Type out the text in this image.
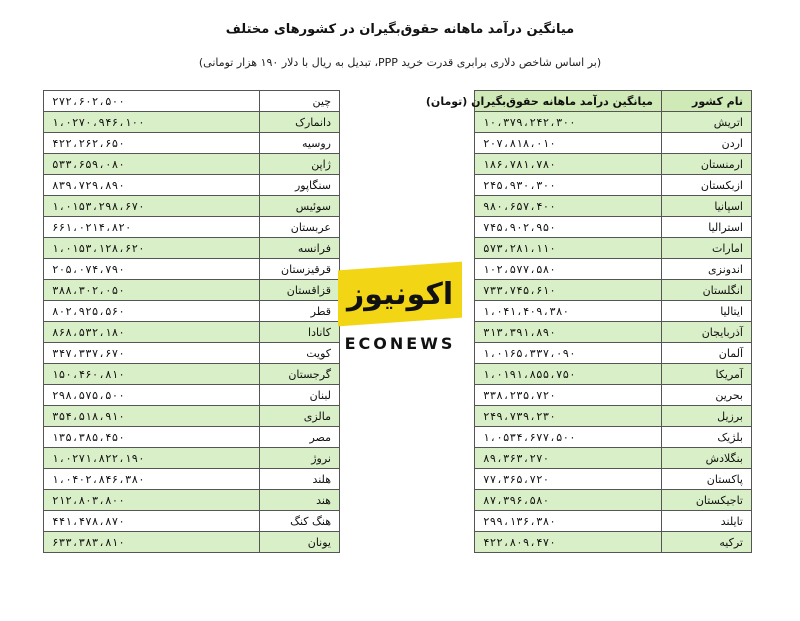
میانگین درآمد ماهانه حقوق‌بگیران در کشورهای مختلف
(بر اساس شاخص دلاری برابری قدرت خرید PPP، تبدیل به ریال با دلار ۱۹۰ هزار تومانی)
۲۷۲،۶۰۲،۵۰۰	چین
۱،۰۲۷۰،۹۴۶،۱۰۰	دانمارک
۴۲۲،۲۶۲،۶۵۰	روسیه
۵۳۳،۶۵۹،۰۸۰	ژاپن
۸۳۹،۷۲۹،۸۹۰	سنگاپور
۱،۰۱۵۳،۲۹۸،۶۷۰	سوئیس
۶۶۱،۰۲۱۴،۸۲۰	عربستان
۱،۰۱۵۳،۱۲۸،۶۲۰	فرانسه
۲۰۵،۰۷۴،۷۹۰	قرقیزستان
۳۸۸،۳۰۲،۰۵۰	قزاقستان
۸۰۲،۹۲۵،۵۶۰	قطر
۸۶۸،۵۳۲،۱۸۰	کانادا
۳۴۷،۳۳۷،۶۷۰	کویت
۱۵۰،۴۶۰،۸۱۰	گرجستان
۲۹۸،۵۷۵،۵۰۰	لبنان
۳۵۴،۵۱۸،۹۱۰	مالزی
۱۳۵،۳۸۵،۴۵۰	مصر
۱،۰۲۷۱،۸۲۲،۱۹۰	نروژ
۱،۰۴۰۲،۸۴۶،۳۸۰	هلند
۲۱۲،۸۰۳،۸۰۰	هند
۴۴۱،۴۷۸،۸۷۰	هنگ کنگ
۶۳۳،۳۸۳،۸۱۰	یونان
اکونیوز
ECONEWS
میانگین درآمد ماهانه حقوق‌بگیران (تومان)	نام کشور
۱۰،۳۷۹،۲۴۲،۳۰۰	اتریش
۲۰۷،۸۱۸،۰۱۰	اردن
۱۸۶،۷۸۱،۷۸۰	ارمنستان
۲۴۵،۹۳۰،۳۰۰	ازبکستان
۹۸۰،۶۵۷،۴۰۰	اسپانیا
۷۴۵،۹۰۲،۹۵۰	استرالیا
۵۷۳،۲۸۱،۱۱۰	امارات
۱۰۲،۵۷۷،۵۸۰	اندونزی
۷۳۳،۷۴۵،۶۱۰	انگلستان
۱،۰۴۱،۴۰۹،۳۸۰	ایتالیا
۳۱۳،۳۹۱،۸۹۰	آذربایجان
۱،۰۱۶۵،۳۳۷،۰۹۰	آلمان
۱،۰۱۹۱،۸۵۵،۷۵۰	آمریکا
۳۳۸،۲۳۵،۷۲۰	بحرین
۲۴۹،۷۳۹،۲۳۰	برزیل
۱،۰۵۳۴،۶۷۷،۵۰۰	بلژیک
۸۹،۳۶۳،۲۷۰	بنگلادش
۷۷،۳۶۵،۷۲۰	پاکستان
۸۷،۳۹۶،۵۸۰	تاجیکستان
۲۹۹،۱۳۶،۳۸۰	تایلند
۴۲۲،۸۰۹،۴۷۰	ترکیه
